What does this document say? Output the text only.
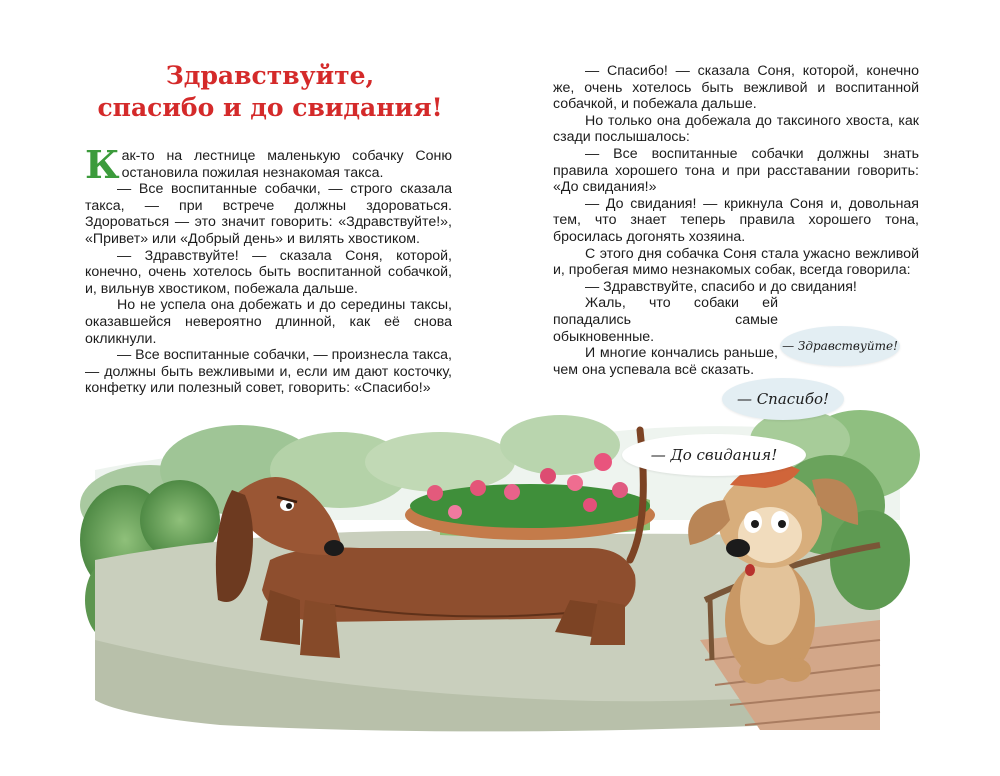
Здравствуйте,
спасибо и до свидания!

Как-то на лестнице маленькую собачку Соню остановила пожилая незнакомая такса.

— Все воспитанные собачки, — строго сказала такса, — при встрече должны здороваться. Здороваться — это значит говорить: «Здравствуйте!», «Привет» или «Добрый день» и вилять хвостиком.

— Здравствуйте! — сказала Соня, которой, конечно, очень хотелось быть воспитанной собачкой, и, вильнув хвостиком, побежала дальше.

Но не успела она добежать и до середины таксы, оказавшейся невероятно длинной, как её снова окликнули.

— Все воспитанные собачки, — произнесла такса, — должны быть вежливыми и, если им дают косточку, конфетку или полезный совет, говорить: «Спасибо!»

— Спасибо! — сказала Соня, которой, конечно же, очень хотелось быть вежливой и воспитанной собачкой, и побежала дальше.

Но только она добежала до таксиного хвоста, как сзади послышалось:

— Все воспитанные собачки должны знать правила хорошего тона и при расставании говорить: «До свидания!»

— До свидания! — крикнула Соня и, довольная тем, что знает теперь правила хорошего тона, бросилась догонять хозяина.

С этого дня собачка Соня стала ужасно вежливой и, пробегая мимо незнакомых собак, всегда говорила:

— Здравствуйте, спасибо и до свидания!

Жаль, что собаки ей попадались самые обыкновенные.

И многие кончались раньше, чем она успевала всё сказать.

— Здравствуйте!
— Спасибо!
— До свидания!
